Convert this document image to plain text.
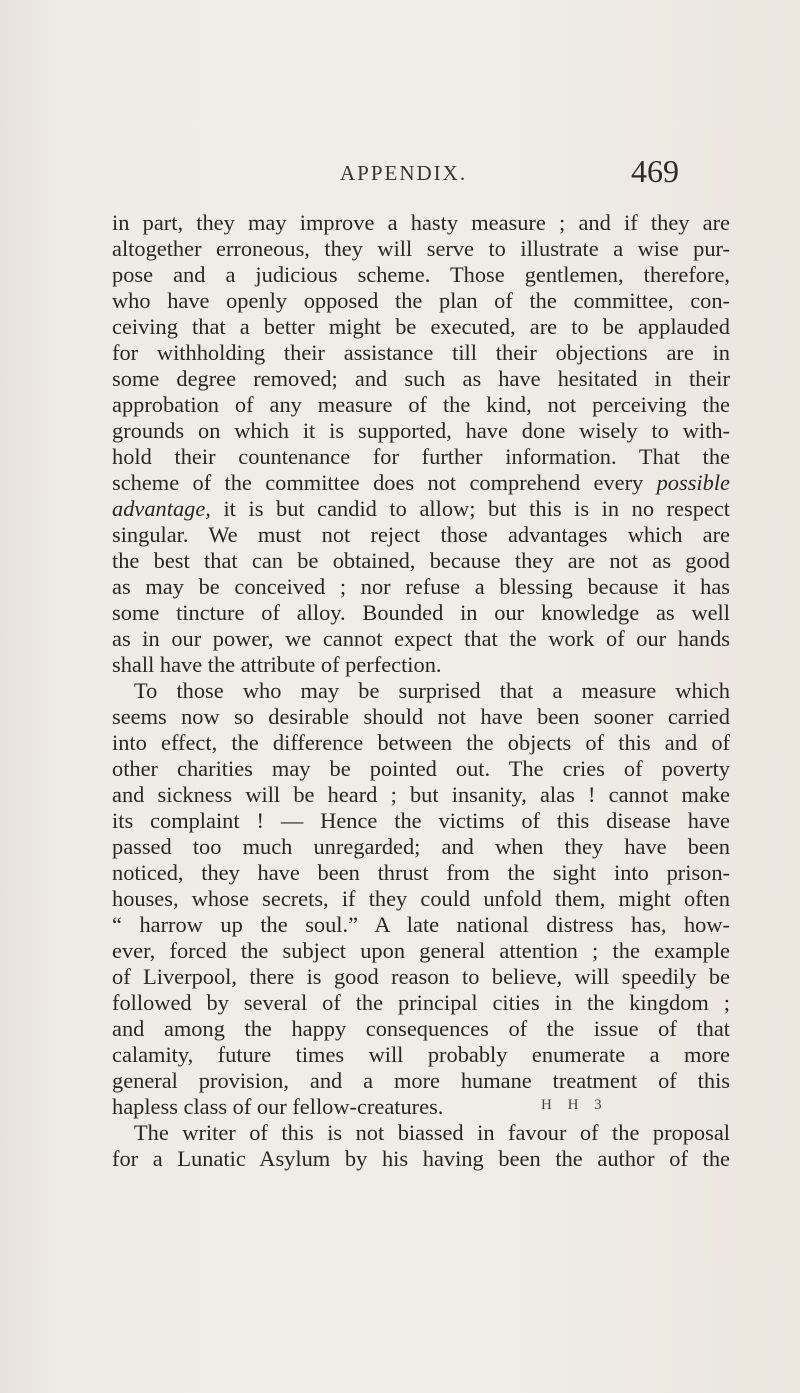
APPENDIX.	469
in part, they may improve a hasty measure ; and if they are
altogether erroneous, they will serve to illustrate a wise pur-
pose and a judicious scheme. Those gentlemen, therefore,
who have openly opposed the plan of the committee, con-
ceiving that a better might be executed, are to be applauded
for withholding their assistance till their objections are in
some degree removed; and such as have hesitated in their
approbation of any measure of the kind, not perceiving the
grounds on which it is supported, have done wisely to with-
hold their countenance for further information. That the
scheme of the committee does not comprehend every possible
advantage, it is but candid to allow; but this is in no respect
singular. We must not reject those advantages which are
the best that can be obtained, because they are not as good
as may be conceived ; nor refuse a blessing because it has
some tincture of alloy. Bounded in our knowledge as well
as in our power, we cannot expect that the work of our hands
shall have the attribute of perfection.
To those who may be surprised that a measure which
seems now so desirable should not have been sooner carried
into effect, the difference between the objects of this and of
other charities may be pointed out. The cries of poverty
and sickness will be heard ; but insanity, alas ! cannot make
its complaint ! — Hence the victims of this disease have
passed too much unregarded; and when they have been
noticed, they have been thrust from the sight into prison-
houses, whose secrets, if they could unfold them, might often
“ harrow up the soul.” A late national distress has, how-
ever, forced the subject upon general attention ; the example
of Liverpool, there is good reason to believe, will speedily be
followed by several of the principal cities in the kingdom ;
and among the happy consequences of the issue of that
calamity, future times will probably enumerate a more
general provision, and a more humane treatment of this
hapless class of our fellow-creatures.
The writer of this is not biassed in favour of the proposal
for a Lunatic Asylum by his having been the author of the
H H 3
